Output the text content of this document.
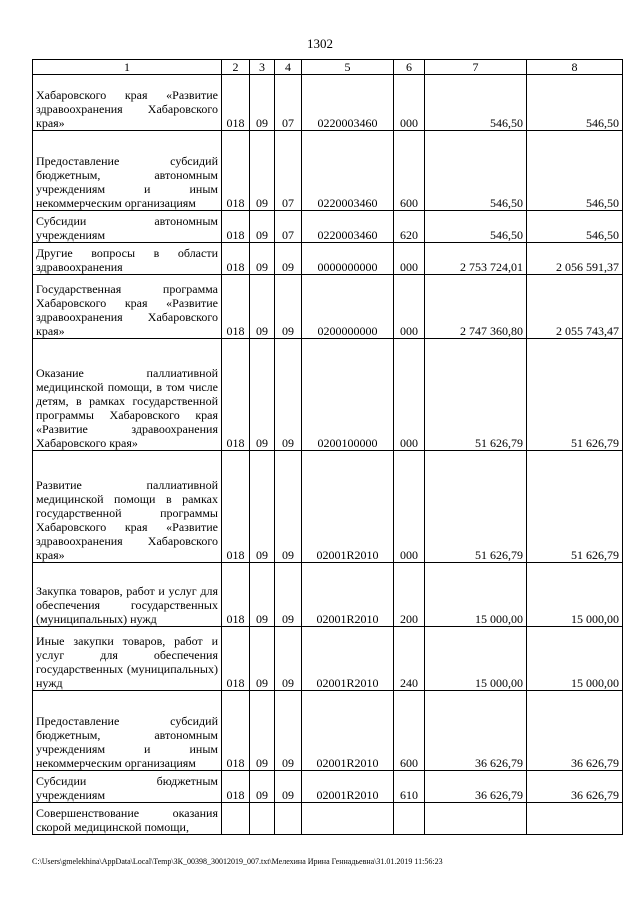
1302
1	2	3	4	5	6	7	8
Хабаровского края «Развитие здравоохранения Хабаровского края»	018	09	07	0220003460	000	546,50	546,50
Предоставление субсидий бюджетным, автономным учреждениям и иным некоммерческим организациям	018	09	07	0220003460	600	546,50	546,50
Субсидии автономным учреждениям	018	09	07	0220003460	620	546,50	546,50
Другие вопросы в области здравоохранения	018	09	09	0000000000	000	2 753 724,01	2 056 591,37
Государственная программа Хабаровского края «Развитие здравоохранения Хабаровского края»	018	09	09	0200000000	000	2 747 360,80	2 055 743,47
Оказание паллиативной медицинской помощи, в том числе детям, в рамках государственной программы Хабаровского края «Развитие здравоохранения Хабаровского края»	018	09	09	0200100000	000	51 626,79	51 626,79
Развитие паллиативной медицинской помощи в рамках государственной программы Хабаровского края «Развитие здравоохранения Хабаровского края»	018	09	09	02001R2010	000	51 626,79	51 626,79
Закупка товаров, работ и услуг для обеспечения государственных (муниципальных) нужд	018	09	09	02001R2010	200	15 000,00	15 000,00
Иные закупки товаров, работ и услуг для обеспечения государственных (муниципальных) нужд	018	09	09	02001R2010	240	15 000,00	15 000,00
Предоставление субсидий бюджетным, автономным учреждениям и иным некоммерческим организациям	018	09	09	02001R2010	600	36 626,79	36 626,79
Субсидии бюджетным учреждениям	018	09	09	02001R2010	610	36 626,79	36 626,79
Совершенствование оказания скорой медицинской помощи,							
C:\Users\gmelekhina\AppData\Local\Temp\ЗК_00398_30012019_007.txt\Мелехина Ирина Геннадьевна\31.01.2019 11:56:23
